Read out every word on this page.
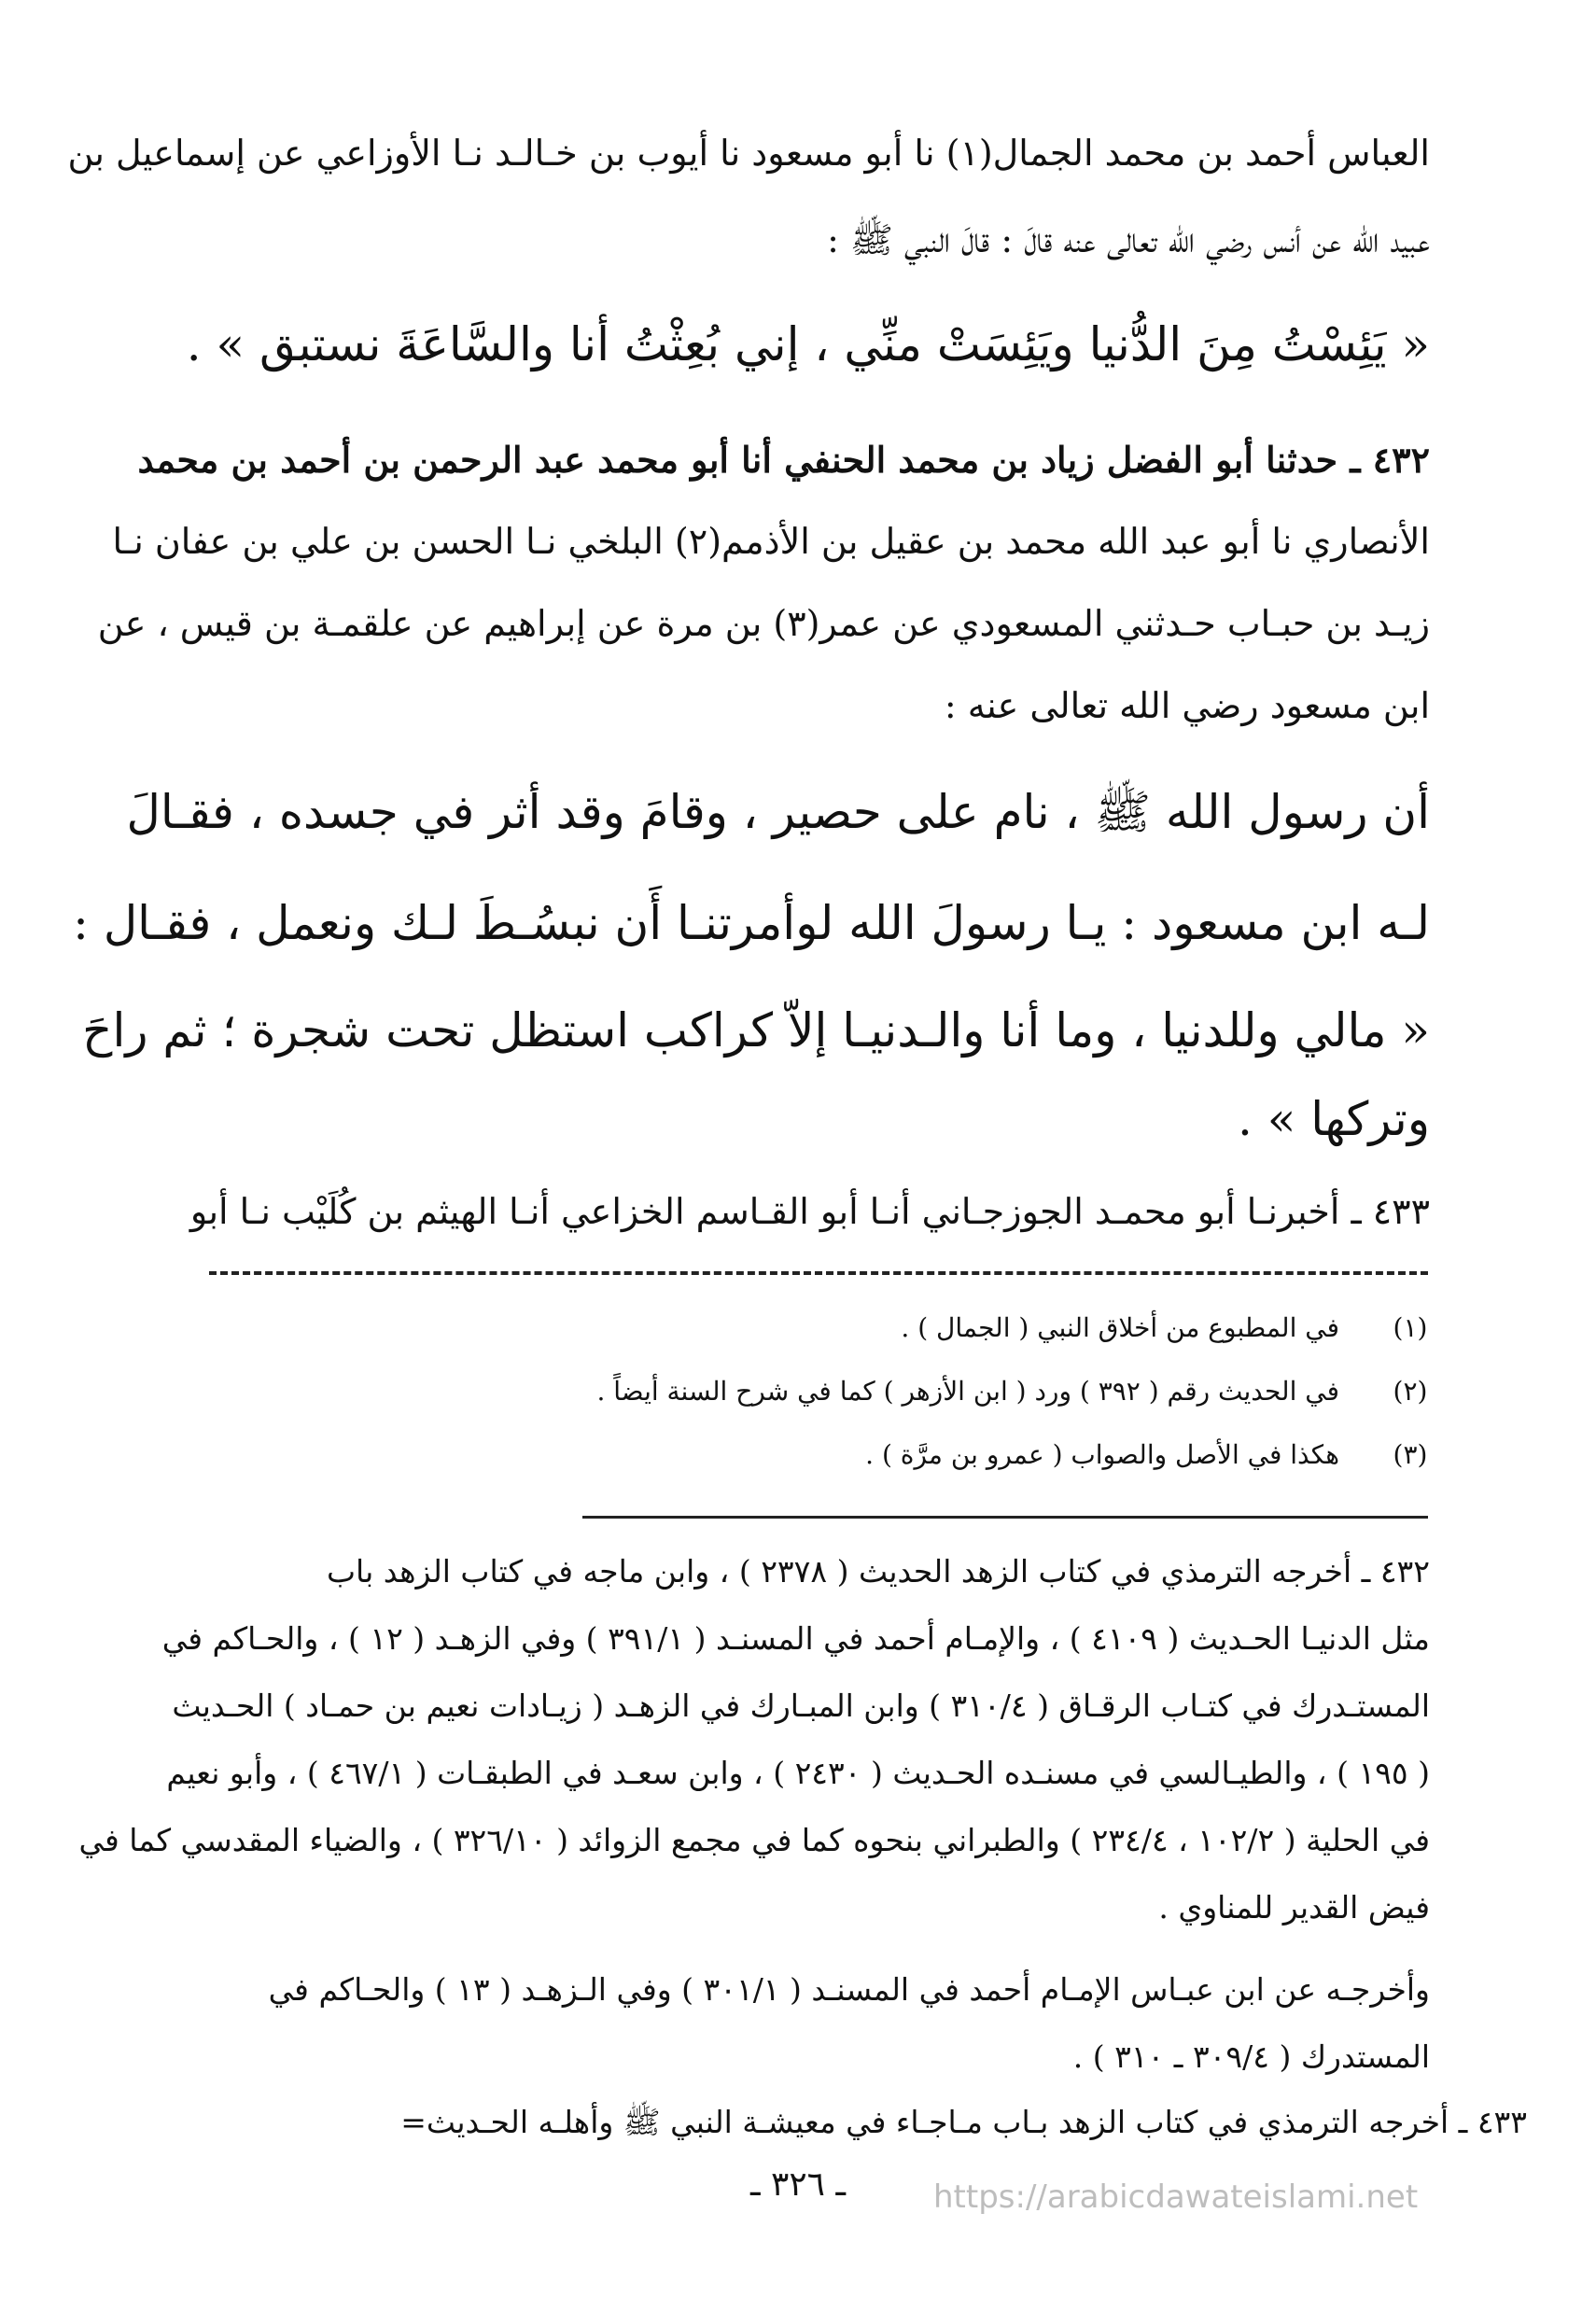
العباس أحمد بن محمد الجمال(١) نا أبو مسعود نا أيوب بن خـالـد نـا الأوزاعي عن إسماعيل بن
عبيد الله عن أنس رضي الله تعالى عنه قالَ : قالَ النبي ﷺ :
« يَئِسْتُ مِنَ الدُّنيا ويَئِسَتْ منِّي ، إني بُعِثْتُ أنا والسَّاعَةَ نستبق » .
٤٣٢ ـ حدثنا أبو الفضل زياد بن محمد الحنفي أنا أبو محمد عبد الرحمن بن أحمد بن محمد
الأنصاري نا أبو عبد الله محمد بن عقيل بن الأذمم(٢) البلخي نـا الحسن بن علي بن عفان نـا
زيـد بن حبـاب حـدثني المسعودي عن عمر(٣) بن مرة عن إبراهيم عن علقمـة بن قيس ، عن
ابن مسعود رضي الله تعالى عنه :
أن رسول الله ﷺ ، نام على حصير ، وقامَ وقد أثر في جسده ، فقـالَ
لـه ابن مسعود : يـا رسولَ الله لوأمرتنـا أَن نبسُـطَ لـك ونعمل ، فقـال :
« مالي وللدنيا ، وما أنا والـدنيـا إلاّ كراكب استظل تحت شجرة ؛ ثم راحَ
وتركها » .
٤٣٣ ـ أخبرنـا أبو محمـد الجوزجـاني أنـا أبو القـاسم الخزاعي أنـا الهيثم بن كُلَيْب نـا أبو
(١)
في المطبوع من أخلاق النبي ( الجمال ) .
(٢)
في الحديث رقم ( ٣٩٢ ) ورد ( ابن الأزهر ) كما في شرح السنة أيضاً .
(٣)
هكذا في الأصل والصواب ( عمرو بن مرَّة ) .
٤٣٢ ـ أخرجه الترمذي في كتاب الزهد الحديث ( ٢٣٧٨ ) ، وابن ماجه في كتاب الزهد باب
مثل الدنيـا الحـديث ( ٤١٠٩ ) ، والإمـام أحمد في المسنـد ( ٣٩١/١ ) وفي الزهـد ( ١٢ ) ، والحـاكم في
المستـدرك في كتـاب الرقـاق ( ٣١٠/٤ ) وابن المبـارك في الزهـد ( زيـادات نعيم بن حمـاد ) الحـديث
( ١٩٥ ) ، والطيـالسي في مسنـده الحـديث ( ٢٤٣٠ ) ، وابن سعـد في الطبقـات ( ٤٦٧/١ ) ، وأبو نعيم
في الحلية ( ١٠٢/٢ ، ٢٣٤/٤ ) والطبراني بنحوه كما في مجمع الزوائد ( ٣٢٦/١٠ ) ، والضياء المقدسي كما في
فيض القدير للمناوي .
وأخرجـه عن ابن عبـاس الإمـام أحمد في المسنـد ( ٣٠١/١ ) وفي الـزهـد ( ١٣ ) والحـاكم في
المستدرك ( ٣٠٩/٤ ـ ٣١٠ ) .
٤٣٣ ـ أخرجه الترمذي في كتاب الزهد بـاب مـاجـاء في معيشـة النبي ﷺ وأهلـه الحـديث=
ـ ٣٢٦ ـ	https://arabicdawateislami.net
